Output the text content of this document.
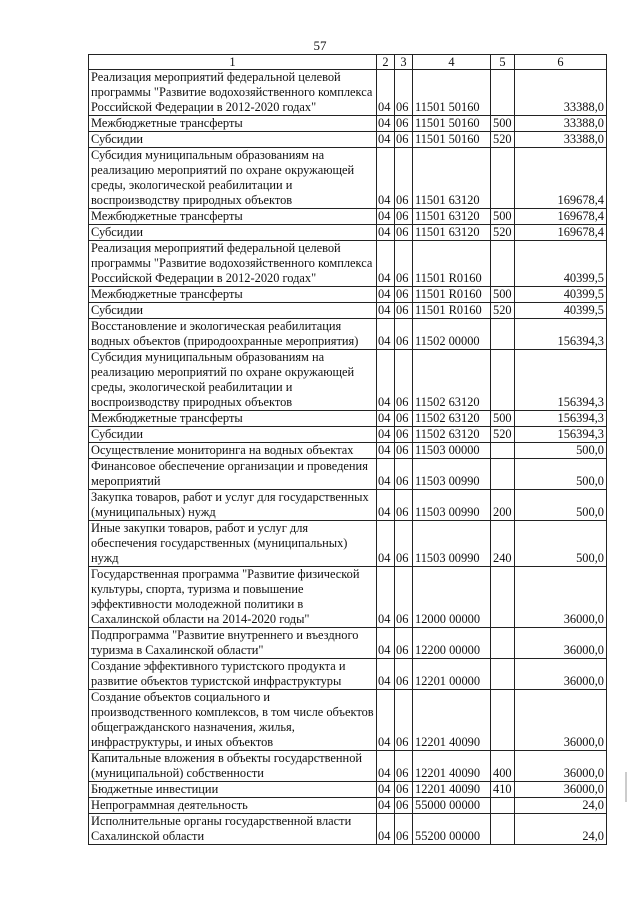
57
1	2	3	4	5	6
Реализация мероприятий федеральной целевой программы "Развитие водохозяйственного комплекса Российской Федерации в 2012-2020 годах"	04	06	11501 50160		33388,0
Межбюджетные трансферты	04	06	11501 50160	500	33388,0
Субсидии	04	06	11501 50160	520	33388,0
Субсидия муниципальным образованиям на реализацию мероприятий по охране окружающей среды, экологической реабилитации и воспроизводству природных объектов	04	06	11501 63120		169678,4
Межбюджетные трансферты	04	06	11501 63120	500	169678,4
Субсидии	04	06	11501 63120	520	169678,4
Реализация мероприятий федеральной целевой программы "Развитие водохозяйственного комплекса Российской Федерации в 2012-2020 годах"	04	06	11501 R0160		40399,5
Межбюджетные трансферты	04	06	11501 R0160	500	40399,5
Субсидии	04	06	11501 R0160	520	40399,5
Восстановление и экологическая реабилитация водных объектов (природоохранные мероприятия)	04	06	11502 00000		156394,3
Субсидия муниципальным образованиям на реализацию мероприятий по охране окружающей среды, экологической реабилитации и воспроизводству природных объектов	04	06	11502 63120		156394,3
Межбюджетные трансферты	04	06	11502 63120	500	156394,3
Субсидии	04	06	11502 63120	520	156394,3
Осуществление мониторинга на водных объектах	04	06	11503 00000		500,0
Финансовое обеспечение организации и проведения мероприятий	04	06	11503 00990		500,0
Закупка товаров, работ и услуг для государственных (муниципальных) нужд	04	06	11503 00990	200	500,0
Иные закупки товаров, работ и услуг для обеспечения государственных (муниципальных) нужд	04	06	11503 00990	240	500,0
Государственная программа "Развитие физической культуры, спорта, туризма и повышение эффективности молодежной политики в Сахалинской области на 2014-2020 годы"	04	06	12000 00000		36000,0
Подпрограмма "Развитие внутреннего и въездного туризма в Сахалинской области"	04	06	12200 00000		36000,0
Создание эффективного туристского продукта и развитие объектов туристской инфраструктуры	04	06	12201 00000		36000,0
Создание объектов социального и производственного комплексов, в том числе объектов общегражданского назначения, жилья, инфраструктуры, и иных объектов	04	06	12201 40090		36000,0
Капитальные вложения в объекты государственной (муниципальной) собственности	04	06	12201 40090	400	36000,0
Бюджетные инвестиции	04	06	12201 40090	410	36000,0
Непрограммная деятельность	04	06	55000 00000		24,0
Исполнительные органы государственной власти Сахалинской области	04	06	55200 00000		24,0
